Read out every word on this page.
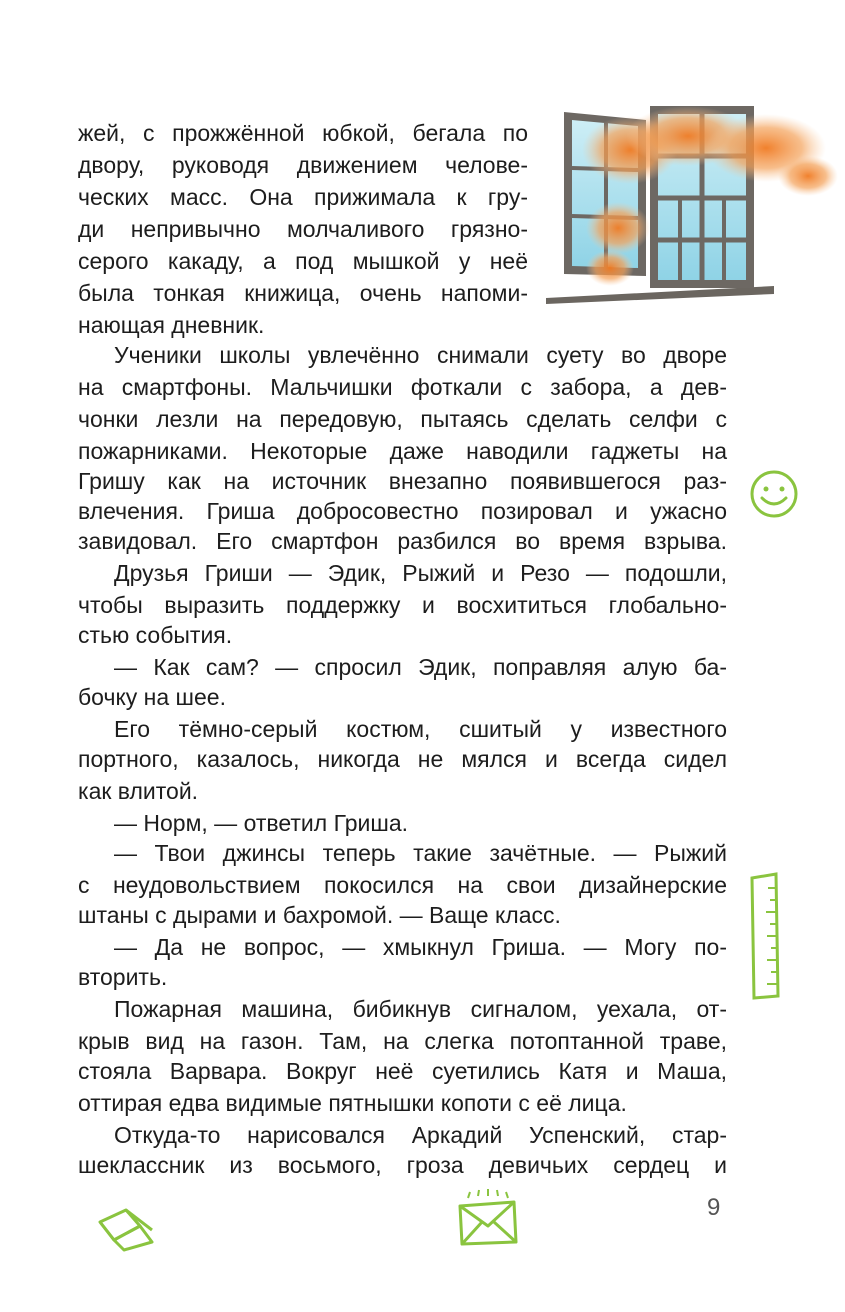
жей, с прожжённой юбкой, бегала по

двору, руководя движением челове-

ческих масс. Она прижимала к гру-

ди непривычно молчаливого грязно-

серого какаду, а под мышкой у неё

была тонкая книжица, очень напоми-

нающая дневник.

Ученики школы увлечённо снимали суету во дворе

на смартфоны. Мальчишки фоткали с забора, а дев-

чонки лезли на передовую, пытаясь сделать селфи с

пожарниками. Некоторые даже наводили гаджеты на

Гришу как на источник внезапно появившегося раз-

влечения. Гриша добросовестно позировал и ужасно

завидовал. Его смартфон разбился во время взрыва.

Друзья Гриши — Эдик, Рыжий и Резо — подошли,

чтобы выразить поддержку и восхититься глобально-

стью события.

— Как сам? — спросил Эдик, поправляя алую ба-

бочку на шее.

Его тёмно-серый костюм, сшитый у известного

портного, казалось, никогда не мялся и всегда сидел

как влитой.

— Норм, — ответил Гриша.

— Твои джинсы теперь такие зачётные. — Рыжий

с неудовольствием покосился на свои дизайнерские

штаны с дырами и бахромой. — Ваще класс.

— Да не вопрос, — хмыкнул Гриша. — Могу по-

вторить.

Пожарная машина, бибикнув сигналом, уехала, от-

крыв вид на газон. Там, на слегка потоптанной траве,

стояла Варвара. Вокруг неё суетились Катя и Маша,

оттирая едва видимые пятнышки копоти с её лица.

Откуда-то нарисовался Аркадий Успенский, стар-

шеклассник из восьмого, гроза девичьих сердец и

9
